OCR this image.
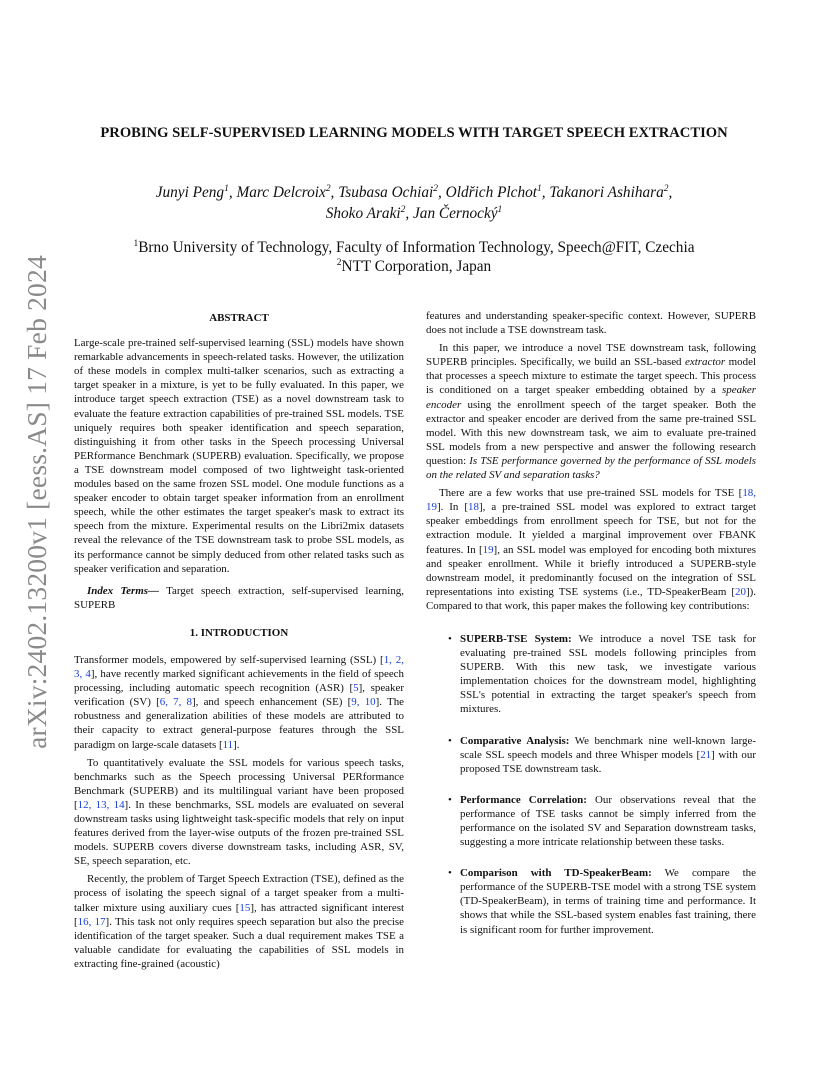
arXiv:2402.13200v1 [eess.AS] 17 Feb 2024
PROBING SELF-SUPERVISED LEARNING MODELS WITH TARGET SPEECH EXTRACTION
Junyi Peng$^1$, Marc Delcroix$^2$, Tsubasa Ochiai$^2$, Oldřich Plchot$^1$, Takanori Ashihara$^2$,
Shoko Araki$^2$, Jan Černocký$^1$
$^1$Brno University of Technology, Faculty of Information Technology, Speech@FIT, Czechia
$^2$NTT Corporation, Japan
ABSTRACT

Large-scale pre-trained self-supervised learning (SSL) models have shown remarkable advancements in speech-related tasks. However, the utilization of these models in complex multi-talker scenarios, such as extracting a target speaker in a mixture, is yet to be fully evaluated. In this paper, we introduce target speech extraction (TSE) as a novel downstream task to evaluate the feature extraction capabilities of pre-trained SSL models. TSE uniquely requires both speaker identification and speech separation, distinguishing it from other tasks in the Speech processing Universal PERformance Benchmark (SUPERB) evaluation. Specifically, we propose a TSE downstream model composed of two lightweight task-oriented modules based on the same frozen SSL model. One module functions as a speaker encoder to obtain target speaker information from an enrollment speech, while the other estimates the target speaker's mask to extract its speech from the mixture. Experimental results on the Libri2mix datasets reveal the relevance of the TSE downstream task to probe SSL models, as its performance cannot be simply deduced from other related tasks such as speaker verification and separation.

Index Terms— Target speech extraction, self-supervised learning, SUPERB

1. INTRODUCTION

Transformer models, empowered by self-supervised learning (SSL) [1, 2, 3, 4], have recently marked significant achievements in the field of speech processing, including automatic speech recognition (ASR) [5], speaker verification (SV) [6, 7, 8], and speech enhancement (SE) [9, 10]. The robustness and generalization abilities of these models are attributed to their capacity to extract general-purpose features through the SSL paradigm on large-scale datasets [11].

To quantitatively evaluate the SSL models for various speech tasks, benchmarks such as the Speech processing Universal PERformance Benchmark (SUPERB) and its multilingual variant have been proposed [12, 13, 14]. In these benchmarks, SSL models are evaluated on several downstream tasks using lightweight task-specific models that rely on input features derived from the layer-wise outputs of the frozen pre-trained SSL models. SUPERB covers diverse downstream tasks, including ASR, SV, SE, speech separation, etc.

Recently, the problem of Target Speech Extraction (TSE), defined as the process of isolating the speech signal of a target speaker from a multi-talker mixture using auxiliary cues [15], has attracted significant interest [16, 17]. This task not only requires speech separation but also the precise identification of the target speaker. Such a dual requirement makes TSE a valuable candidate for evaluating the capabilities of SSL models in extracting fine-grained (acoustic)

features and understanding speaker-specific context. However, SUPERB does not include a TSE downstream task.

In this paper, we introduce a novel TSE downstream task, following SUPERB principles. Specifically, we build an SSL-based extractor model that processes a speech mixture to estimate the target speech. This process is conditioned on a target speaker embedding obtained by a speaker encoder using the enrollment speech of the target speaker. Both the extractor and speaker encoder are derived from the same pre-trained SSL model. With this new downstream task, we aim to evaluate pre-trained SSL models from a new perspective and answer the following research question: Is TSE performance governed by the performance of SSL models on the related SV and separation tasks?

There are a few works that use pre-trained SSL models for TSE [18, 19]. In [18], a pre-trained SSL model was explored to extract target speaker embeddings from enrollment speech for TSE, but not for the extraction module. It yielded a marginal improvement over FBANK features. In [19], an SSL model was employed for encoding both mixtures and speaker enrollment. While it briefly introduced a SUPERB-style downstream model, it predominantly focused on the integration of SSL representations into existing TSE systems (i.e., TD-SpeakerBeam [20]). Compared to that work, this paper makes the following key contributions:

• SUPERB-TSE System: We introduce a novel TSE task for evaluating pre-trained SSL models following principles from SUPERB. With this new task, we investigate various implementation choices for the downstream model, highlighting SSL's potential in extracting the target speaker's speech from mixtures.
• Comparative Analysis: We benchmark nine well-known large-scale SSL speech models and three Whisper models [21] with our proposed TSE downstream task.
• Performance Correlation: Our observations reveal that the performance of TSE tasks cannot be simply inferred from the performance on the isolated SV and Separation downstream tasks, suggesting a more intricate relationship between these tasks.
• Comparison with TD-SpeakerBeam: We compare the performance of the SUPERB-TSE model with a strong TSE system (TD-SpeakerBeam), in terms of training time and performance. It shows that while the SSL-based system enables fast training, there is significant room for further improvement.
